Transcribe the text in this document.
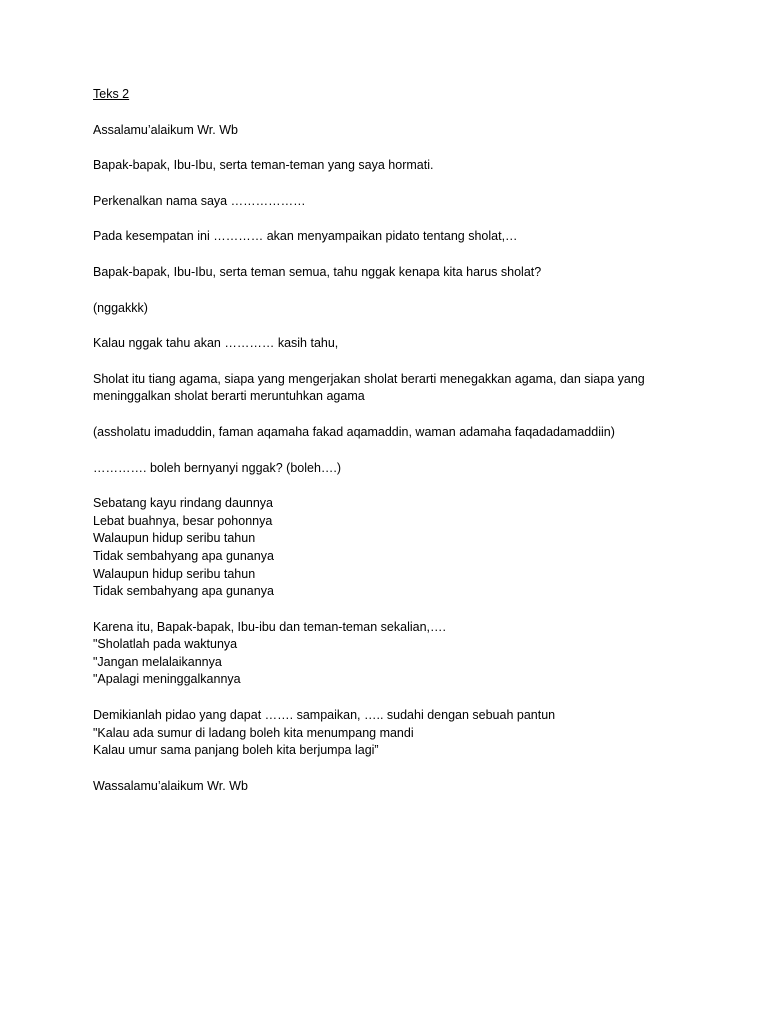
Teks 2
Assalamu’alaikum Wr. Wb
Bapak-bapak, Ibu-Ibu, serta teman-teman yang saya hormati.
Perkenalkan nama saya ………………
Pada kesempatan ini ………… akan menyampaikan pidato tentang sholat,…
Bapak-bapak, Ibu-Ibu, serta teman semua, tahu nggak kenapa kita harus sholat?
(nggakkk)
Kalau nggak tahu akan ………… kasih tahu,
Sholat itu tiang agama, siapa yang mengerjakan sholat berarti menegakkan agama, dan siapa yang
meninggalkan sholat berarti meruntuhkan agama
(assholatu imaduddin, faman aqamaha fakad aqamaddin, waman adamaha faqadadamaddiin)
…………. boleh bernyanyi nggak? (boleh….)
Sebatang kayu rindang daunnya
Lebat buahnya, besar pohonnya
Walaupun hidup seribu tahun
Tidak sembahyang apa gunanya
Walaupun hidup seribu tahun
Tidak sembahyang apa gunanya
Karena itu, Bapak-bapak, Ibu-ibu dan teman-teman sekalian,….
"Sholatlah pada waktunya
"Jangan melalaikannya
"Apalagi meninggalkannya
Demikianlah pidao yang dapat ……. sampaikan, ….. sudahi dengan sebuah pantun
"Kalau ada sumur di ladang boleh kita menumpang mandi
Kalau umur sama panjang boleh kita berjumpa lagi”
Wassalamu’alaikum Wr. Wb
